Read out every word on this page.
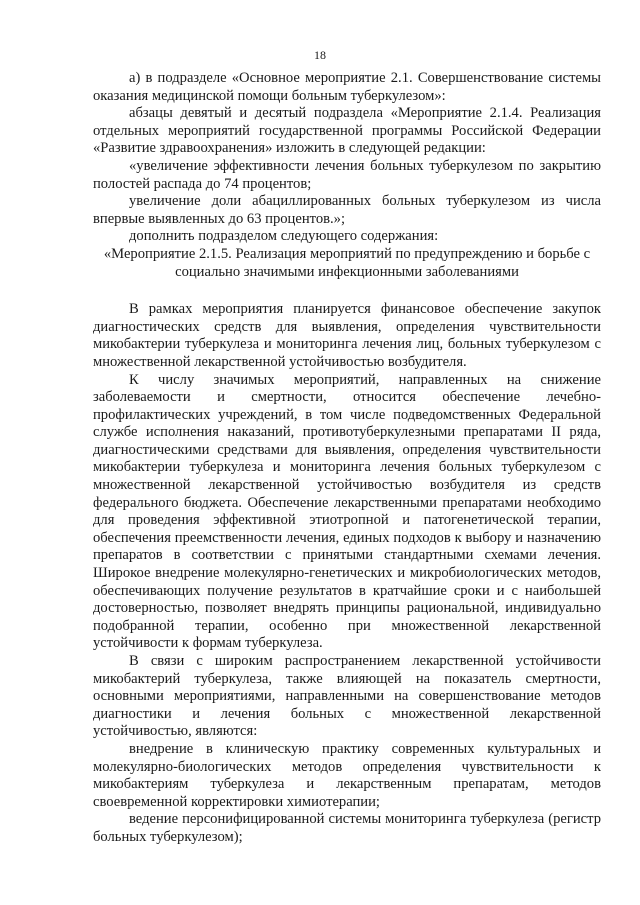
18

а) в подразделе «Основное мероприятие 2.1. Совершенствование системы оказания медицинской помощи больным туберкулезом»:

абзацы девятый и десятый подраздела «Мероприятие 2.1.4. Реализация отдельных мероприятий государственной программы Российской Федерации «Развитие здравоохранения» изложить в следующей редакции:

«увеличение эффективности лечения больных туберкулезом по закрытию полостей распада до 74 процентов;

увеличение доли абациллированных больных туберкулезом из числа впервые выявленных до 63 процентов.»;

дополнить подразделом следующего содержания:

«Мероприятие 2.1.5. Реализация мероприятий по предупреждению и борьбе с социально значимыми инфекционными заболеваниями

В рамках мероприятия планируется финансовое обеспечение закупок диагностических средств для выявления, определения чувствительности микобактерии туберкулеза и мониторинга лечения лиц, больных туберкулезом с множественной лекарственной устойчивостью возбудителя.

К числу значимых мероприятий, направленных на снижение заболеваемости и смертности, относится обеспечение лечебно-профилактических учреждений, в том числе подведомственных Федеральной службе исполнения наказаний, противотуберкулезными препаратами II ряда, диагностическими средствами для выявления, определения чувствительности микобактерии туберкулеза и мониторинга лечения больных туберкулезом с множественной лекарственной устойчивостью возбудителя из средств федерального бюджета. Обеспечение лекарственными препаратами необходимо для проведения эффективной этиотропной и патогенетической терапии, обеспечения преемственности лечения, единых подходов к выбору и назначению препаратов в соответствии с принятыми стандартными схемами лечения. Широкое внедрение молекулярно-генетических и микробиологических методов, обеспечивающих получение результатов в кратчайшие сроки и с наибольшей достоверностью, позволяет внедрять принципы рациональной, индивидуально подобранной терапии, особенно при множественной лекарственной устойчивости к формам туберкулеза.

В связи с широким распространением лекарственной устойчивости микобактерий туберкулеза, также влияющей на показатель смертности, основными мероприятиями, направленными на совершенствование методов диагностики и лечения больных с множественной лекарственной устойчивостью, являются:

внедрение в клиническую практику современных культуральных и молекулярно-биологических методов определения чувствительности к микобактериям туберкулеза и лекарственным препаратам, методов своевременной корректировки химиотерапии;

ведение персонифицированной системы мониторинга туберкулеза (регистр больных туберкулезом);
